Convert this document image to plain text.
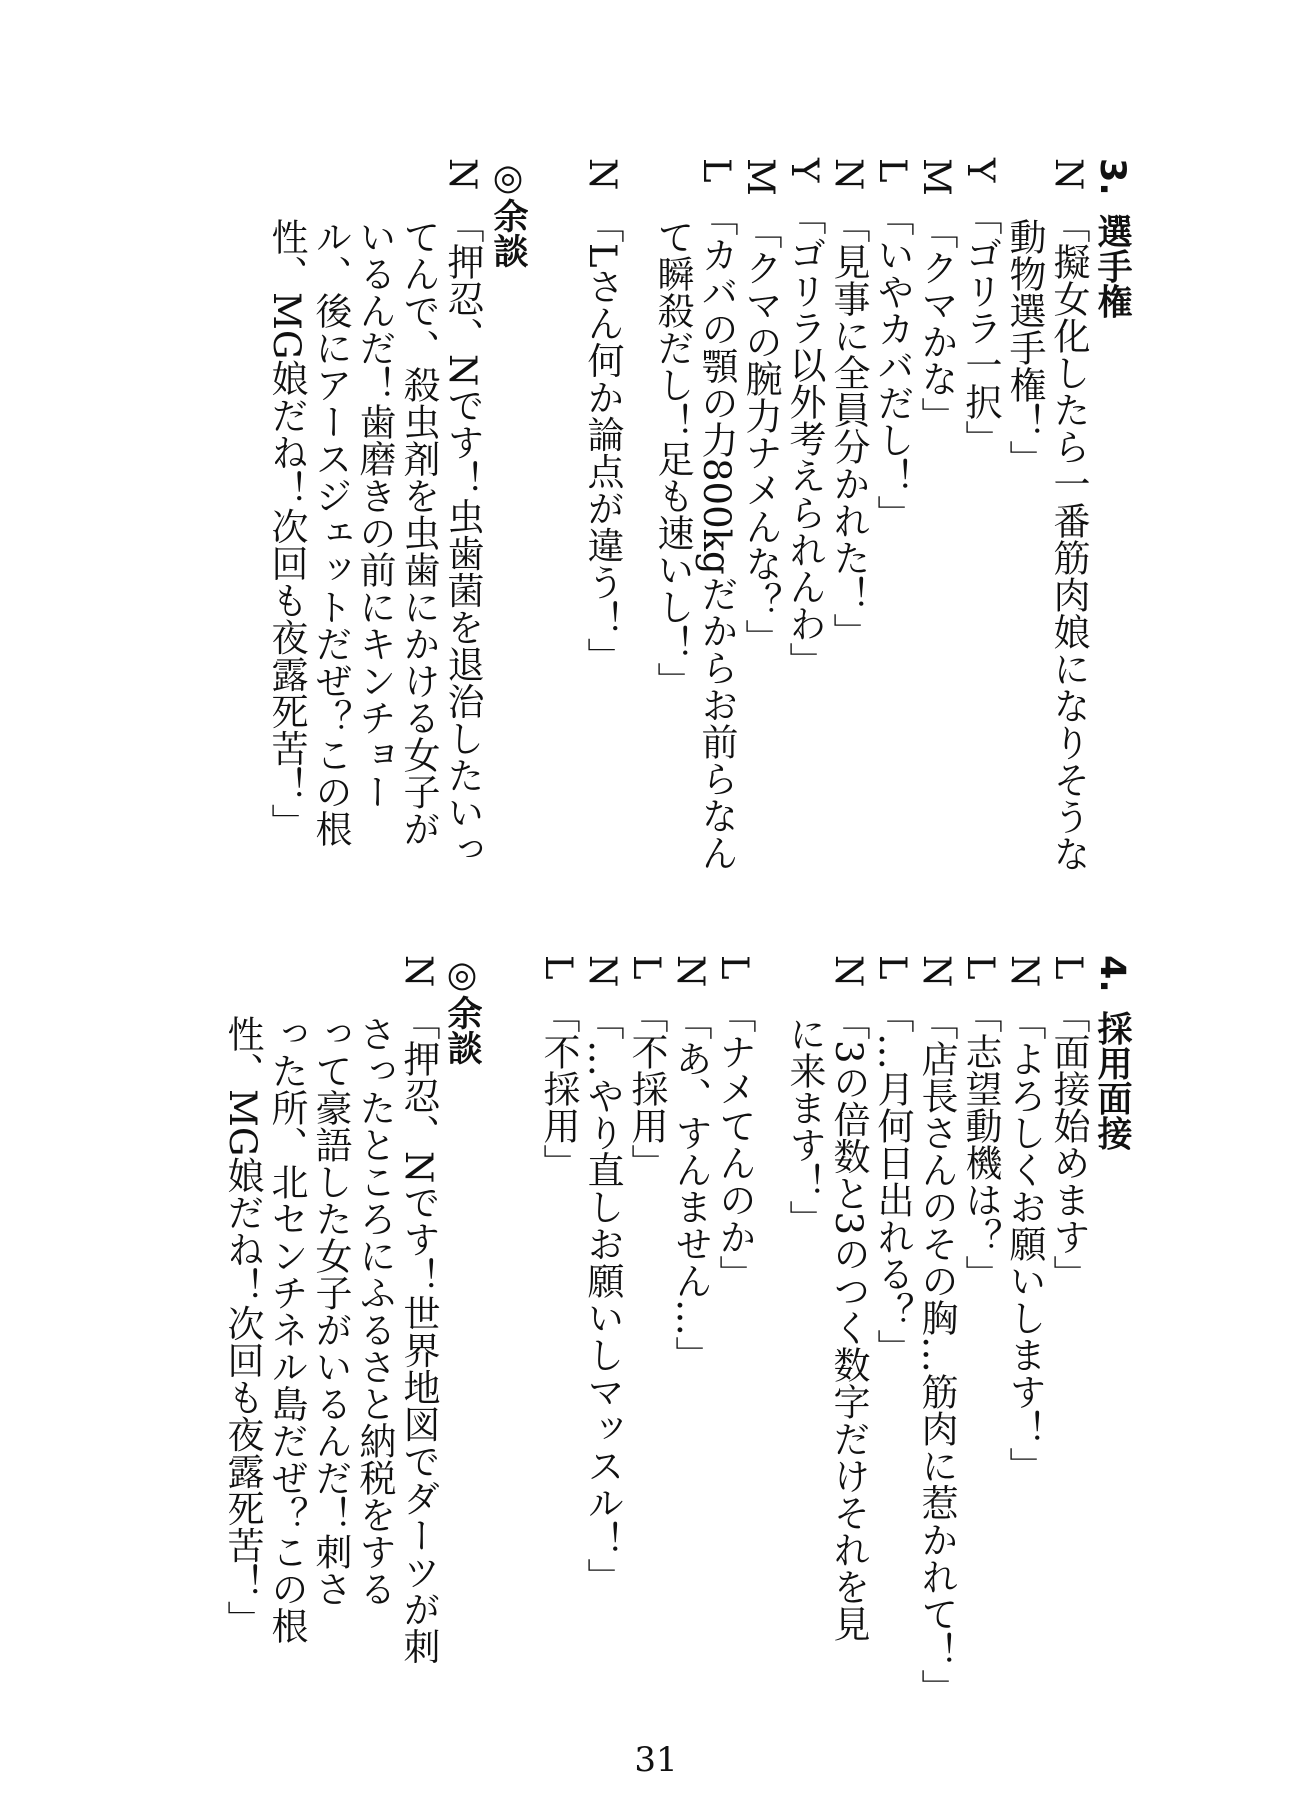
3.選手権
N「擬女化したら一番筋肉娘になりそうな
動物選手権！」
Y「ゴリラ一択」
M「クマかな」
L「いやカバだし！」
N「見事に全員分かれた！」
Y「ゴリラ以外考えられんわ」
M「クマの腕力ナメんな？」
L「カバの顎の力800kgだからお前らなん
て瞬殺だし！足も速いし！」
N「Lさん何か論点が違う！」
◎余談
N「押忍、Nです！虫歯菌を退治したいっ
てんで、殺虫剤を虫歯にかける女子が
いるんだ！歯磨きの前にキンチョー
ル、後にアースジェットだぜ？この根
性、MG娘だね！次回も夜露死苦！」
4.採用面接
L「面接始めます」
N「よろしくお願いします！」
L「志望動機は？」
N「店長さんのその胸…筋肉に惹かれて！」
L「…月何日出れる？」
N「3の倍数と3のつく数字だけそれを見
に来ます！」
L「ナメてんのか」
N「あ、すんません…」
L「不採用」
N「…やり直しお願いしマッスル！」
L「不採用」
◎余談
N「押忍、Nです！世界地図でダーツが刺
さったところにふるさと納税をする
って豪語した女子がいるんだ！刺さ
った所、北センチネル島だぜ？この根
性、MG娘だね！次回も夜露死苦！」
31
